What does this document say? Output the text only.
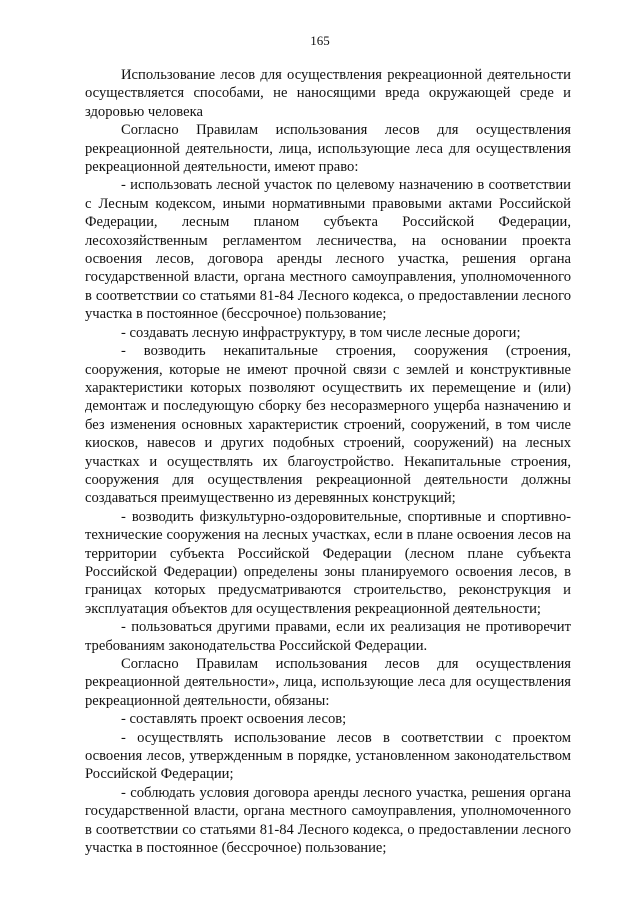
165

Использование лесов для осуществления рекреационной деятельности осуществляется способами, не наносящими вреда окружающей среде и здоровью человека

Согласно Правилам использования лесов для осуществления рекреационной деятельности, лица, использующие леса для осуществления рекреационной деятельности, имеют право:

- использовать лесной участок по целевому назначению в соответствии с Лесным кодексом, иными нормативными правовыми актами Российской Федерации, лесным планом субъекта Российской Федерации, лесохозяйственным регламентом лесничества, на основании проекта освоения лесов, договора аренды лесного участка, решения органа государственной власти, органа местного самоуправления, уполномоченного в соответствии со статьями 81-84 Лесного кодекса, о предоставлении лесного участка в постоянное (бессрочное) пользование;

- создавать лесную инфраструктуру, в том числе лесные дороги;

- возводить некапитальные строения, сооружения (строения, сооружения, которые не имеют прочной связи с землей и конструктивные характеристики которых позволяют осуществить их перемещение и (или) демонтаж и последующую сборку без несоразмерного ущерба назначению и без изменения основных характеристик строений, сооружений, в том числе киосков, навесов и других подобных строений, сооружений) на лесных участках и осуществлять их благоустройство. Некапитальные строения, сооружения для осуществления рекреационной деятельности должны создаваться преимущественно из деревянных конструкций;

- возводить физкультурно-оздоровительные, спортивные и спортивно-технические сооружения на лесных участках, если в плане освоения лесов на территории субъекта Российской Федерации (лесном плане субъекта Российской Федерации) определены зоны планируемого освоения лесов, в границах которых предусматриваются строительство, реконструкция и эксплуатация объектов для осуществления рекреационной деятельности;

- пользоваться другими правами, если их реализация не противоречит требованиям законодательства Российской Федерации.

Согласно Правилам использования лесов для осуществления рекреационной деятельности», лица, использующие леса для осуществления рекреационной деятельности, обязаны:

- составлять проект освоения лесов;

- осуществлять использование лесов в соответствии с проектом освоения лесов, утвержденным в порядке, установленном законодательством Российской Федерации;

- соблюдать условия договора аренды лесного участка, решения органа государственной власти, органа местного самоуправления, уполномоченного в соответствии со статьями 81-84 Лесного кодекса, о предоставлении лесного участка в постоянное (бессрочное) пользование;
